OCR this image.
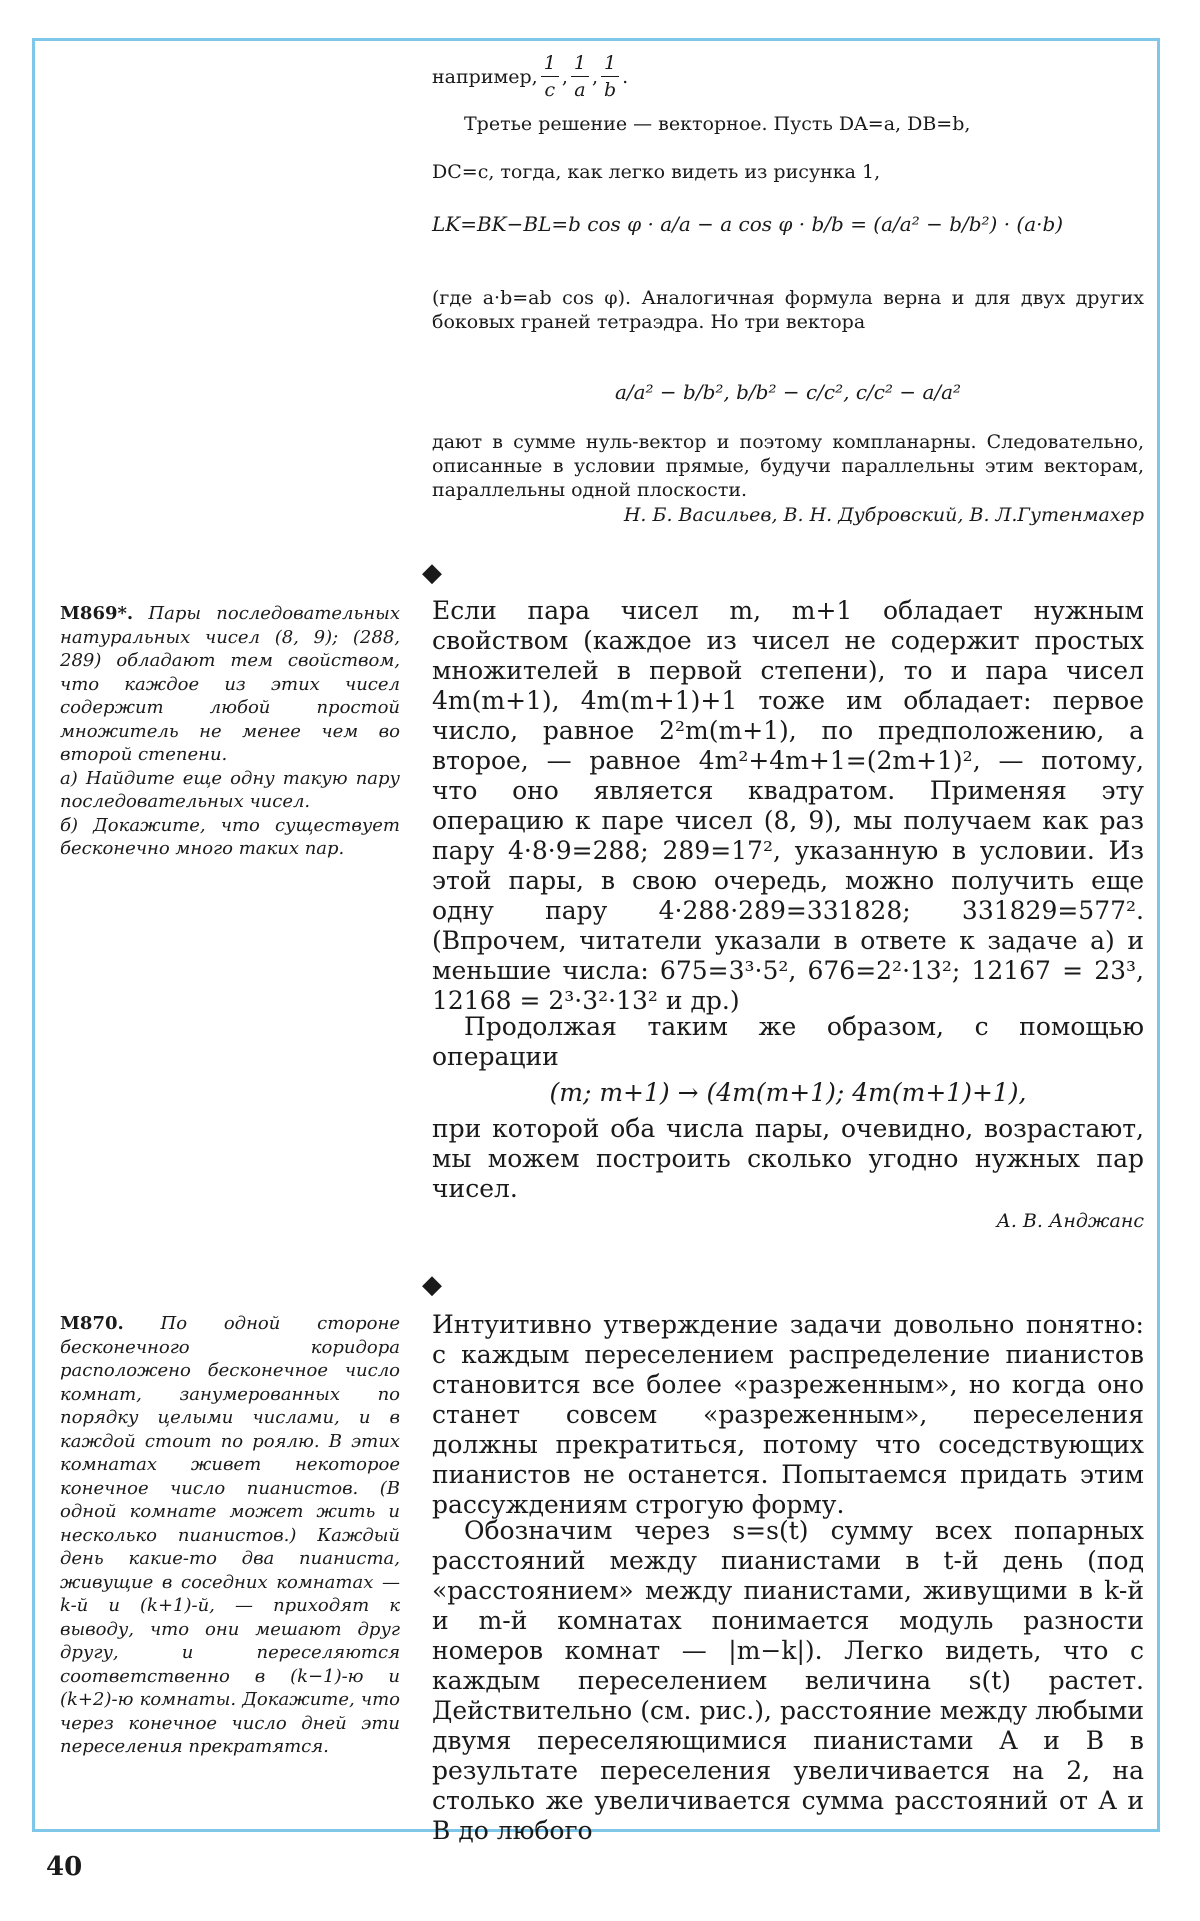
например, $\frac{1}{c}$ , $\frac{1}{a}$ , $\frac{1}{b}$ .

Третье решение — векторное. Пусть DA=a, DB=b,

DC=c, тогда, как легко видеть из рисунка 1,

LK=BK−BL=b cos φ · a/a − a cos φ · b/b = (a/a² − b/b²) · (a·b)

(где a·b=ab cos φ). Аналогичная формула верна и для двух других боковых граней тетраэдра. Но три вектора

a/a² − b/b², b/b² − c/c², c/c² − a/a²

дают в сумме нуль-вектор и поэтому компланарны. Следовательно, описанные в условии прямые, будучи параллельны этим векторам, параллельны одной плоскости.

Н. Б. Васильев, В. Н. Дубровский, В. Л.Гутенмахер

◆
М869*. Пары последовательных натуральных чисел (8, 9); (288, 289) обладают тем свойством, что каждое из этих чисел содержит любой простой множитель не менее чем во второй степени.
а) Найдите еще одну такую пару последовательных чисел.
б) Докажите, что существует бесконечно много таких пар.

Если пара чисел m, m+1 обладает нужным свойством (каждое из чисел не содержит простых множителей в первой степени), то и пара чисел 4m(m+1), 4m(m+1)+1 тоже им обладает: первое число, равное 2²m(m+1), по предположению, а второе, — равное 4m²+4m+1=(2m+1)², — потому, что оно является квадратом. Применяя эту операцию к паре чисел (8, 9), мы получаем как раз пару 4·8·9=288; 289=17², указанную в условии. Из этой пары, в свою очередь, можно получить еще одну пару 4·288·289=331828; 331829=577². (Впрочем, читатели указали в ответе к задаче а) и меньшие числа: 675=3³·5², 676=2²·13²; 12167 = 23³, 12168 = 2³·3²·13² и др.)

Продолжая таким же образом, с помощью операции

(m; m+1) → (4m(m+1); 4m(m+1)+1),

при которой оба числа пары, очевидно, возрастают, мы можем построить сколько угодно нужных пар чисел.

А. В. Анджанс

◆
М870. По одной стороне бесконечного коридора расположено бесконечное число комнат, занумерованных по порядку целыми числами, и в каждой стоит по роялю. В этих комнатах живет некоторое конечное число пианистов. (В одной комнате может жить и несколько пианистов.) Каждый день какие-то два пианиста, живущие в соседних комнатах — k-й и (k+1)-й, — приходят к выводу, что они мешают друг другу, и переселяются соответственно в (k−1)-ю и (k+2)-ю комнаты. Докажите, что через конечное число дней эти переселения прекратятся.

Интуитивно утверждение задачи довольно понятно: с каждым переселением распределение пианистов становится все более «разреженным», но когда оно станет совсем «разреженным», переселения должны прекратиться, потому что соседствующих пианистов не останется. Попытаемся придать этим рассуждениям строгую форму.

Обозначим через s=s(t) сумму всех попарных расстояний между пианистами в t-й день (под «расстоянием» между пианистами, живущими в k-й и m-й комнатах понимается модуль разности номеров комнат — |m−k|). Легко видеть, что с каждым переселением величина s(t) растет. Действительно (см. рис.), расстояние между любыми двумя переселяющимися пианистами A и B в результате переселения увеличивается на 2, на столько же увеличивается сумма расстояний от A и B до любого

40
